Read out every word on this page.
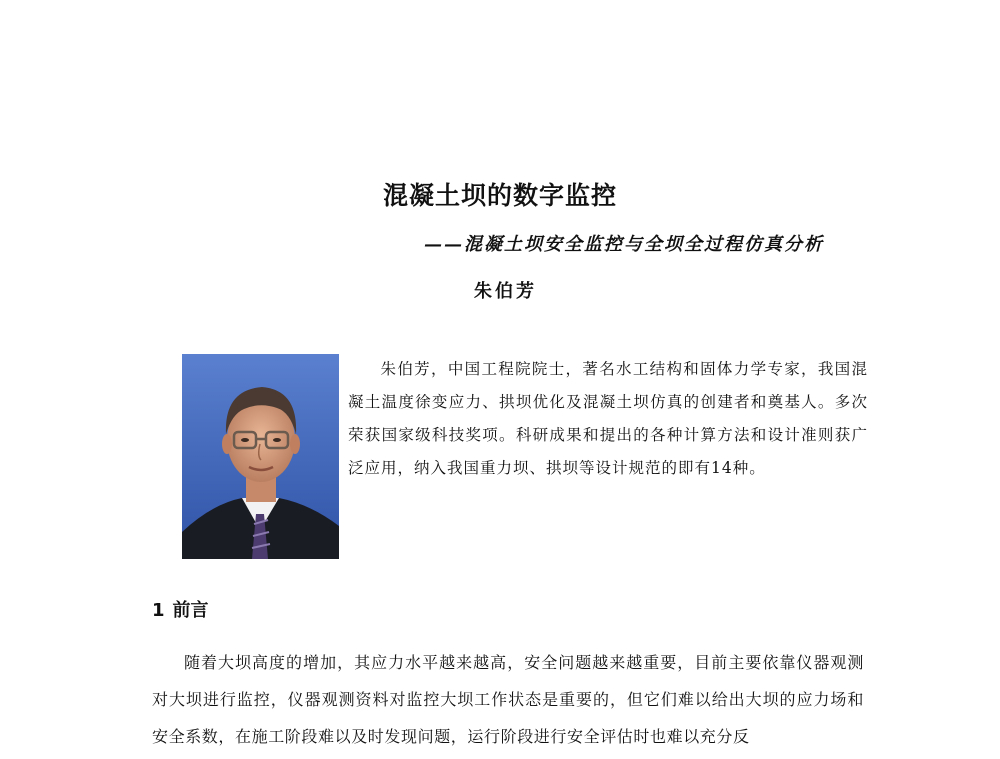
混凝土坝的数字监控
——混凝土坝安全监控与全坝全过程仿真分析
朱伯芳

朱伯芳，中国工程院院士，著名水工结构和固体力学专家，我国混凝土温度徐变应力、拱坝优化及混凝土坝仿真的创建者和奠基人。多次荣获国家级科技奖项。科研成果和提出的各种计算方法和设计准则获广泛应用，纳入我国重力坝、拱坝等设计规范的即有14种。

1 前言

随着大坝高度的增加，其应力水平越来越高，安全问题越来越重要，目前主要依靠仪器观测对大坝进行监控，仪器观测资料对监控大坝工作状态是重要的，但它们难以给出大坝的应力场和安全系数，在施工阶段难以及时发现问题，运行阶段进行安全评估时也难以充分反
